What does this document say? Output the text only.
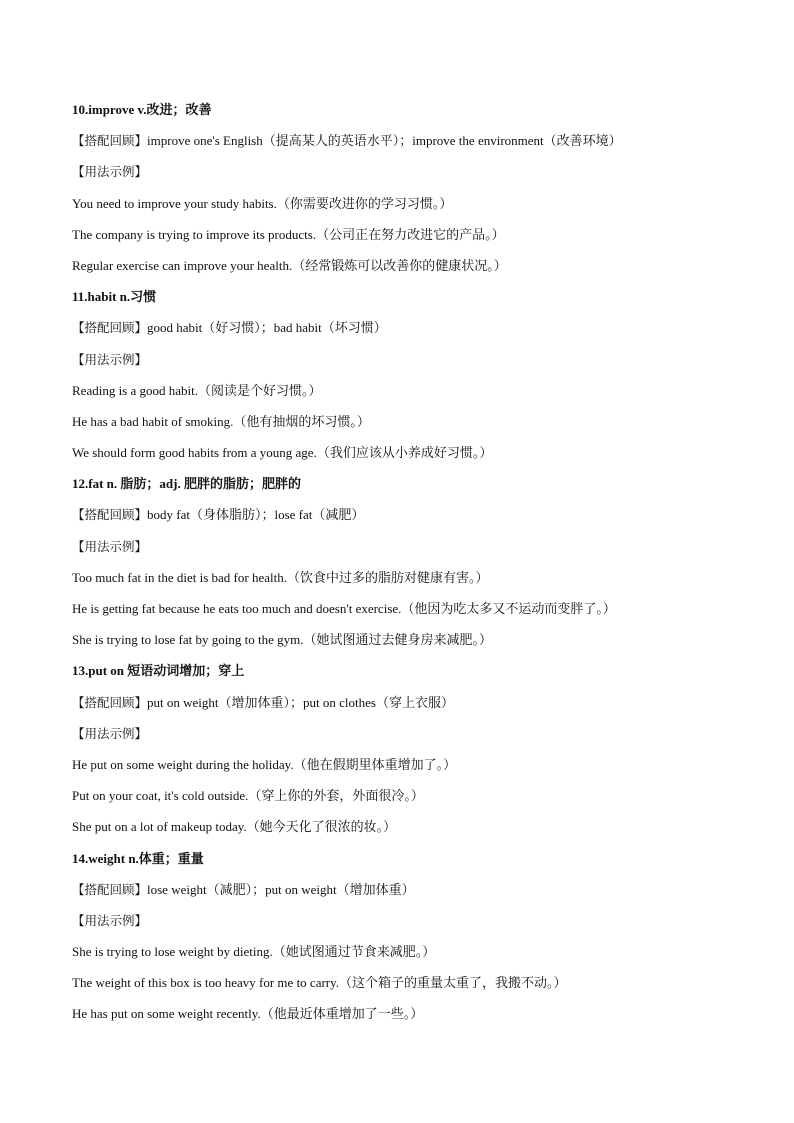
10.improve v.改进；改善
【搭配回顾】improve one's English（提高某人的英语水平）；improve the environment（改善环境）
【用法示例】
You need to improve your study habits.（你需要改进你的学习习惯。）
The company is trying to improve its products.（公司正在努力改进它的产品。）
Regular exercise can improve your health.（经常锻炼可以改善你的健康状况。）
11.habit n.习惯
【搭配回顾】good habit（好习惯）；bad habit（坏习惯）
【用法示例】
Reading is a good habit.（阅读是个好习惯。）
He has a bad habit of smoking.（他有抽烟的坏习惯。）
We should form good habits from a young age.（我们应该从小养成好习惯。）
12.fat n. 脂肪；adj. 肥胖的脂肪；肥胖的
【搭配回顾】body fat（身体脂肪）；lose fat（减肥）
【用法示例】
Too much fat in the diet is bad for health.（饮食中过多的脂肪对健康有害。）
He is getting fat because he eats too much and doesn't exercise.（他因为吃太多又不运动而变胖了。）
She is trying to lose fat by going to the gym.（她试图通过去健身房来减肥。）
13.put on 短语动词增加；穿上
【搭配回顾】put on weight（增加体重）；put on clothes（穿上衣服）
【用法示例】
He put on some weight during the holiday.（他在假期里体重增加了。）
Put on your coat, it's cold outside.（穿上你的外套，外面很冷。）
She put on a lot of makeup today.（她今天化了很浓的妆。）
14.weight n.体重；重量
【搭配回顾】lose weight（减肥）；put on weight（增加体重）
【用法示例】
She is trying to lose weight by dieting.（她试图通过节食来减肥。）
The weight of this box is too heavy for me to carry.（这个箱子的重量太重了，我搬不动。）
He has put on some weight recently.（他最近体重增加了一些。）
